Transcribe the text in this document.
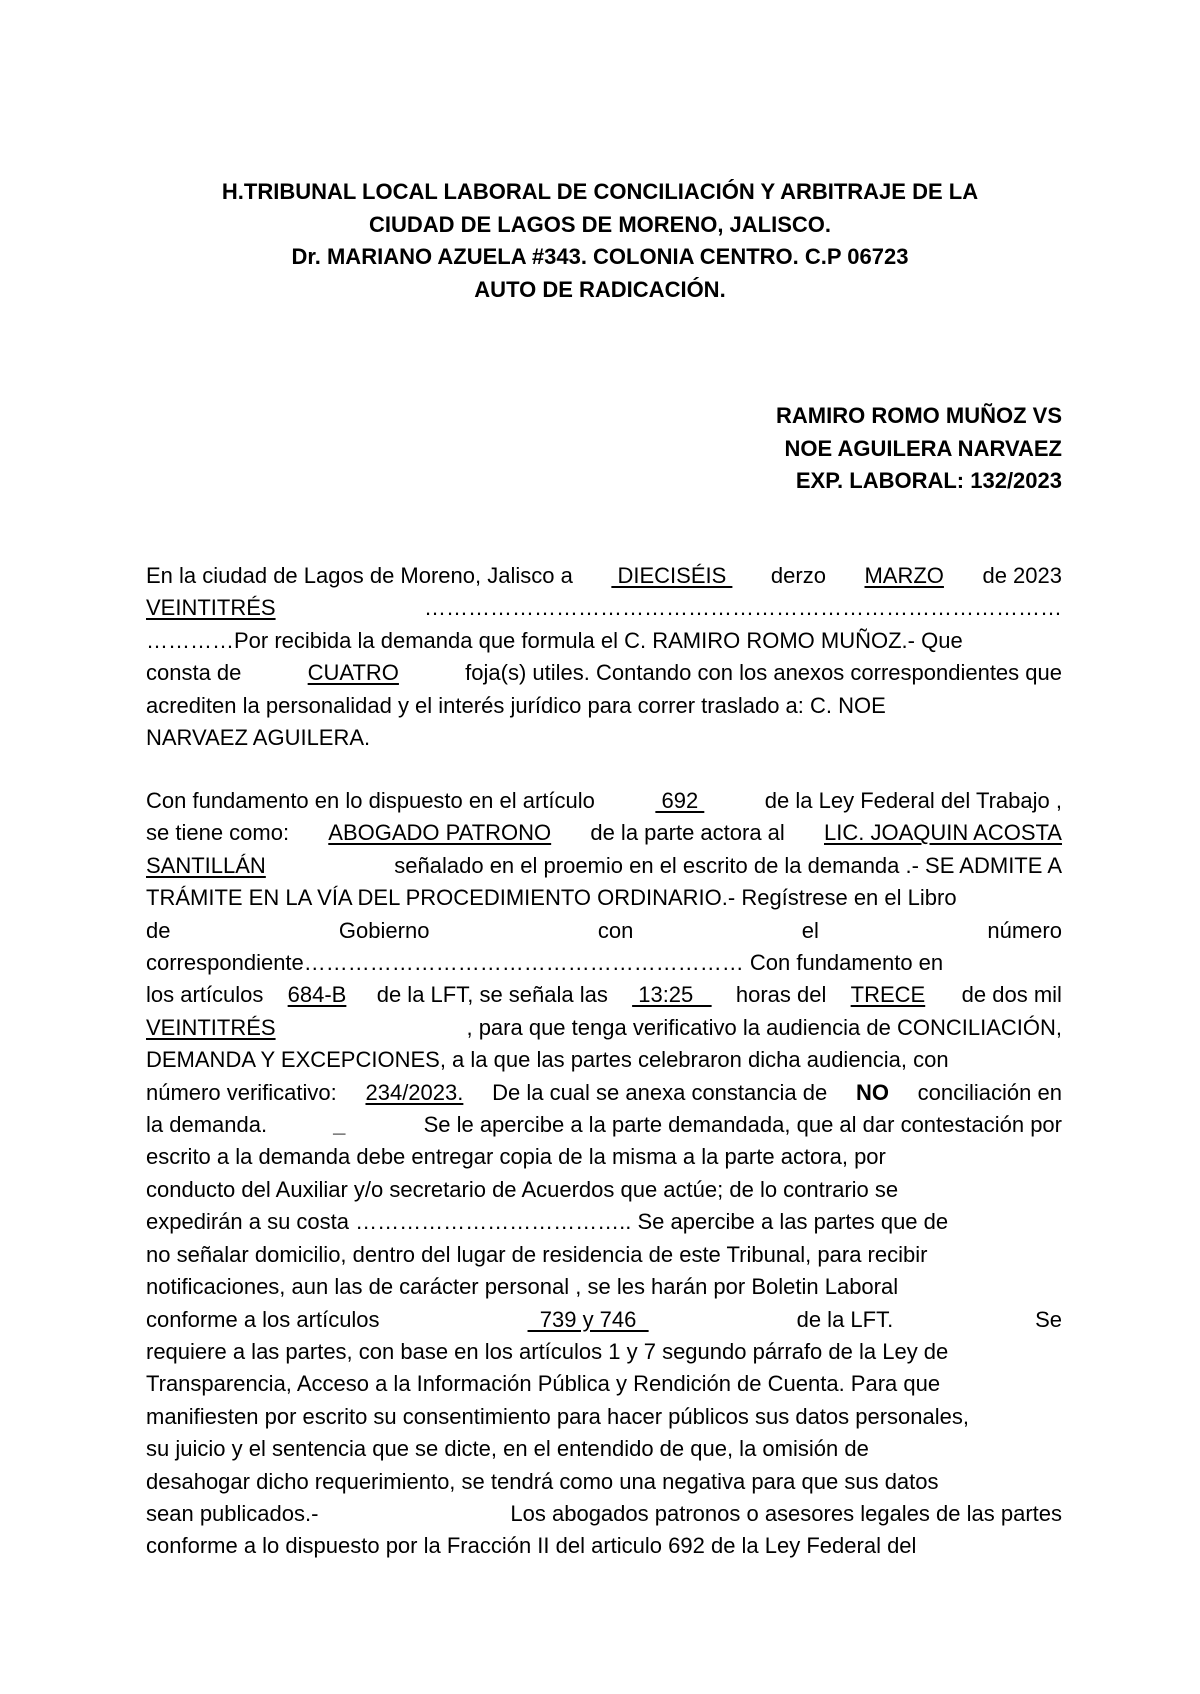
H.TRIBUNAL LOCAL LABORAL DE CONCILIACIÓN Y ARBITRAJE DE LA
CIUDAD DE LAGOS DE MORENO, JALISCO.
Dr. MARIANO AZUELA #343. COLONIA CENTRO. C.P 06723
AUTO DE RADICACIÓN.
RAMIRO ROMO MUÑOZ VS
NOE AGUILERA NARVAEZ
EXP. LABORAL: 132/2023
En la ciudad de Lagos de Moreno, Jalisco a DIECISÉIS derzo MARZO de 2023
VEINTITRÉS	……………………………………………………………………………
…………Por recibida la demanda que formula el C. RAMIRO ROMO MUÑOZ.- Que
consta de	CUATRO	foja(s) utiles. Contando con los anexos correspondientes que
acrediten la personalidad y el interés jurídico para correr traslado a: C. NOE
NARVAEZ AGUILERA.
Con fundamento en lo dispuesto en el artículo 692 de la Ley Federal del Trabajo ,
se tiene como: ABOGADO PATRONO de la parte actora al LIC. JOAQUIN ACOSTA
SANTILLÁN	señalado en el proemio en el escrito de la demanda .- SE ADMITE A
TRÁMITE EN LA VÍA DEL PROCEDIMIENTO ORDINARIO.- Regístrese en el Libro
de	Gobierno	con	el	número
correspondiente…………………………………………………… Con fundamento en
los artículos 684-B de la LFT, se señala las 13:25 horas del TRECE de dos mil
VEINTITRÉS	, para que tenga verificativo la audiencia de CONCILIACIÓN,
DEMANDA Y EXCEPCIONES, a la que las partes celebraron dicha audiencia, con
número verificativo: 234/2023. De la cual se anexa constancia de NO conciliación en
la demanda.	_	Se le apercibe a la parte demandada, que al dar contestación por
escrito a la demanda debe entregar copia de la misma a la parte actora, por
conducto del Auxiliar y/o secretario de Acuerdos que actúe; de lo contrario se
expedirán a su costa ……………………………….. Se apercibe a las partes que de
no señalar domicilio, dentro del lugar de residencia de este Tribunal, para recibir
notificaciones, aun las de carácter personal , se les harán por Boletin Laboral
conforme a los artículos	739 y 746	de la LFT.	Se
requiere a las partes, con base en los artículos 1 y 7 segundo párrafo de la Ley de
Transparencia, Acceso a la Información Pública y Rendición de Cuenta. Para que
manifiesten por escrito su consentimiento para hacer públicos sus datos personales,
su juicio y el sentencia que se dicte, en el entendido de que, la omisión de
desahogar dicho requerimiento, se tendrá como una negativa para que sus datos
sean publicados.-	Los abogados patronos o asesores legales de las partes
conforme a lo dispuesto por la Fracción II del articulo 692 de la Ley Federal del
